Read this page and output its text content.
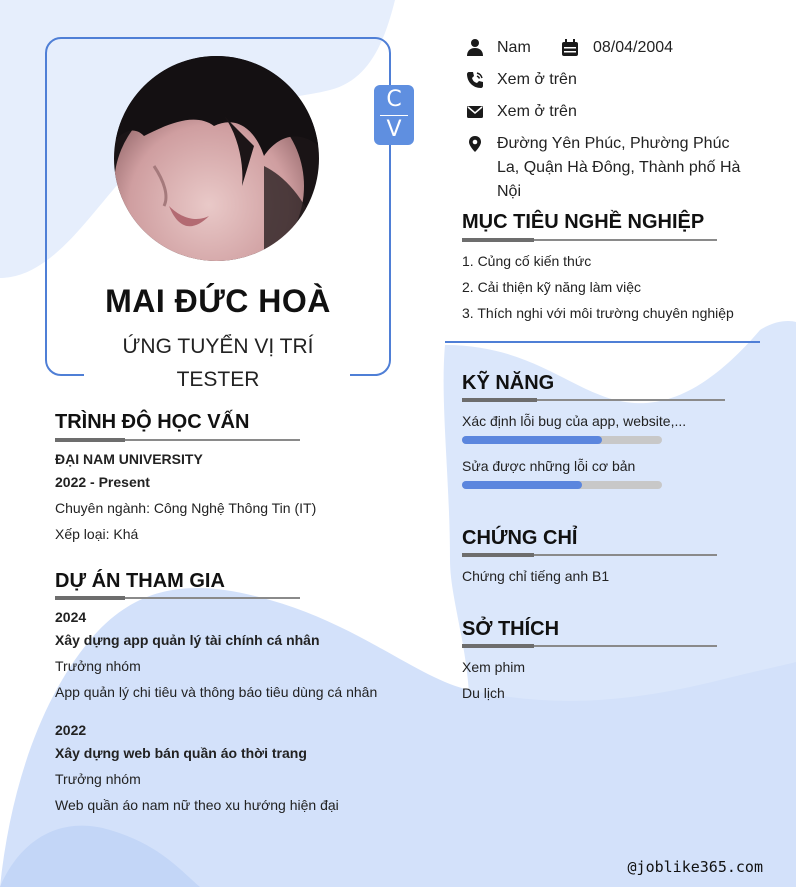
C
V
MAI ĐỨC HOÀ
ỨNG TUYỂN VỊ TRÍ
TESTER
TRÌNH ĐỘ HỌC VẤN
ĐẠI NAM UNIVERSITY
2022 - Present
Chuyên ngành: Công Nghệ Thông Tin (IT)
Xếp loại: Khá
DỰ ÁN THAM GIA
2024
Xây dựng app quản lý tài chính cá nhân
Trưởng nhóm
App quản lý chi tiêu và thông báo tiêu dùng cá nhân
2022
Xây dựng web bán quần áo thời trang
Trưởng nhóm
Web quần áo nam nữ theo xu hướng hiện đại
Nam	08/04/2004
Xem ở trên
Xem ở trên
Đường Yên Phúc, Phường Phúc La, Quận Hà Đông, Thành phố Hà Nội
MỤC TIÊU NGHỀ NGHIỆP
1. Củng cố kiến thức
2. Cải thiện kỹ năng làm việc
3. Thích nghi với môi trường chuyên nghiệp
KỸ NĂNG
Xác định lỗi bug của app, website,...
Sửa được những lỗi cơ bản
CHỨNG CHỈ
Chứng chỉ tiếng anh B1
SỞ THÍCH
Xem phim
Du lịch
@joblike365.com
